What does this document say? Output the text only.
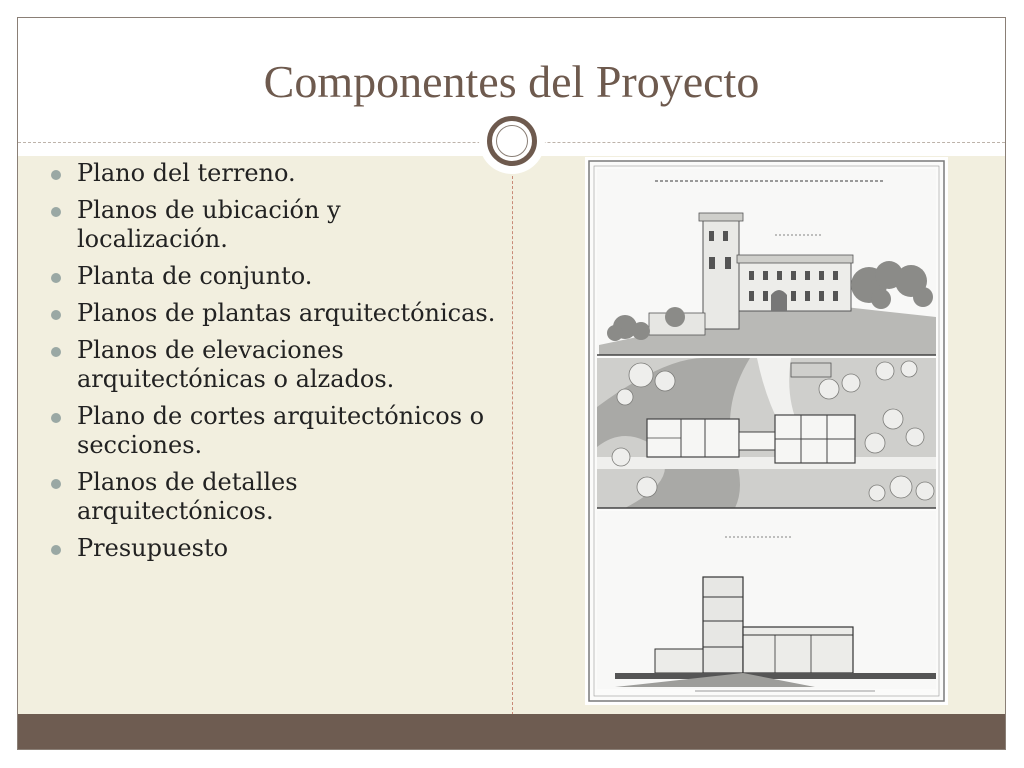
Componentes del Proyecto
Plano del terreno.
Planos de ubicación y localización.
Planta de conjunto.
Planos de plantas arquitectónicas.
Planos de elevaciones arquitectónicas o alzados.
Plano de cortes arquitectónicos o secciones.
Planos de detalles arquitectónicos.
Presupuesto
